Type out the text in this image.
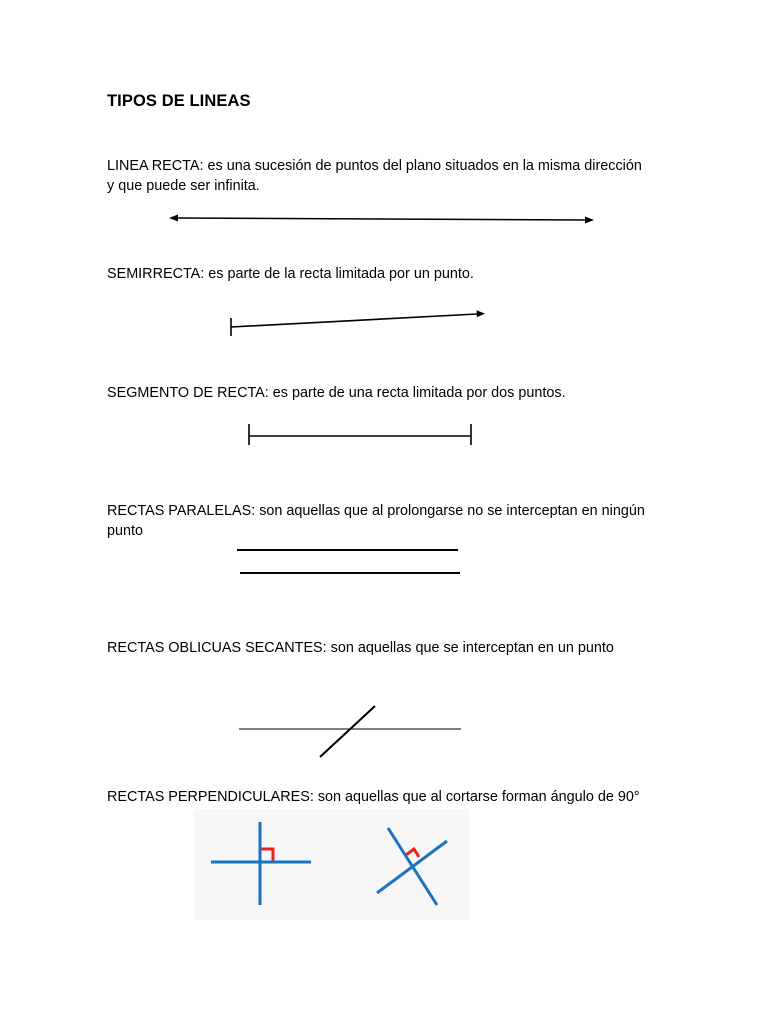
TIPOS DE LINEAS

LINEA RECTA: es una sucesión de puntos del plano situados en la misma dirección y que puede ser infinita.

SEMIRRECTA: es parte de la recta limitada por un punto.

SEGMENTO DE RECTA: es parte de una recta limitada por dos puntos.

RECTAS PARALELAS: son aquellas que al prolongarse no se interceptan en ningún punto

RECTAS OBLICUAS SECANTES: son aquellas que se interceptan en un punto

RECTAS PERPENDICULARES: son aquellas que al cortarse forman ángulo de 90°
